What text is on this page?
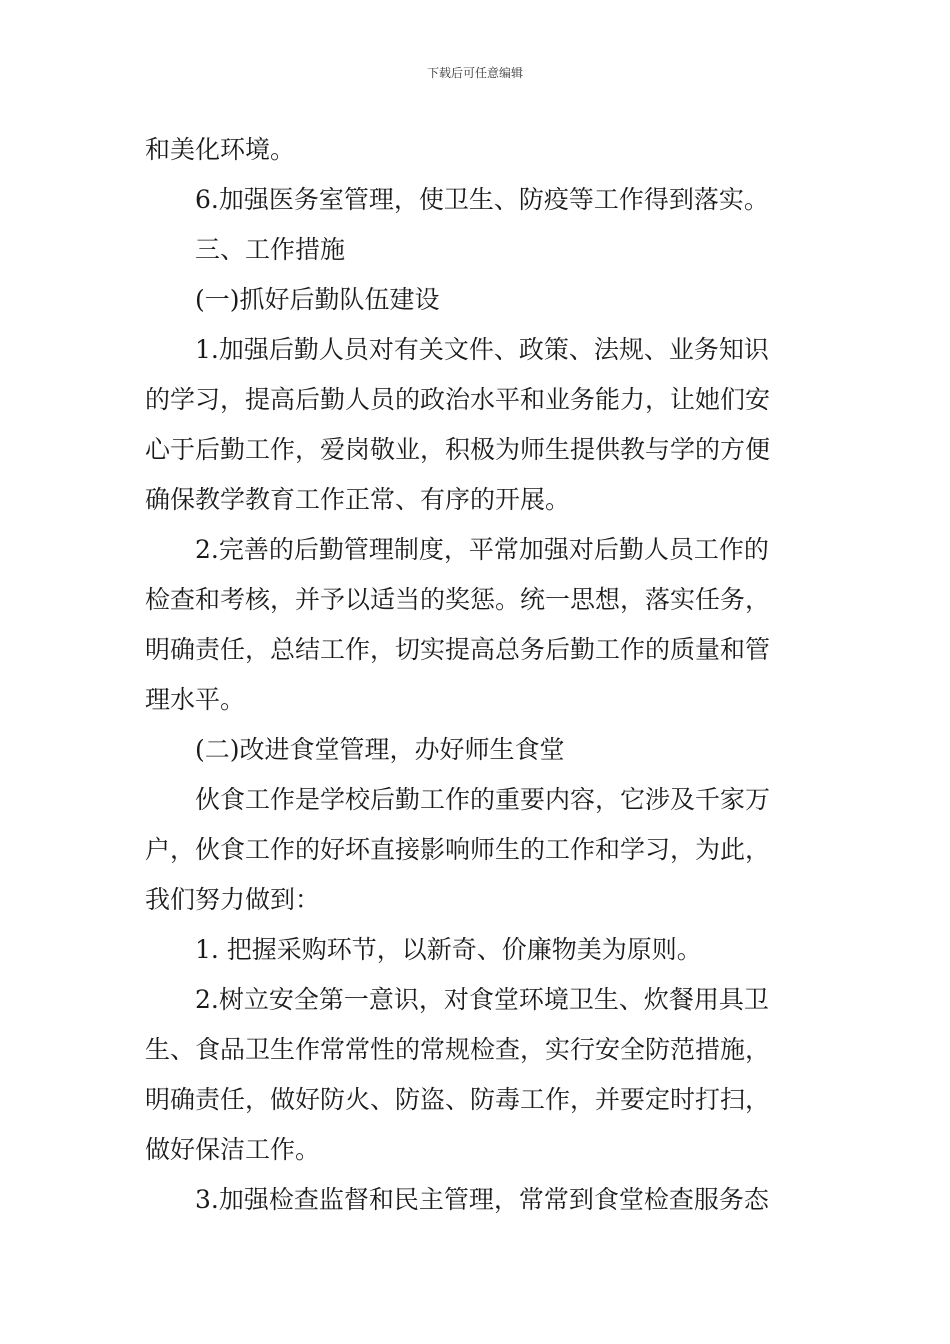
下载后可任意编辑
和美化环境。
6.加强医务室管理，使卫生、防疫等工作得到落实。
三、工作措施
(一)抓好后勤队伍建设
1.加强后勤人员对有关文件、政策、法规、业务知识
的学习，提高后勤人员的政治水平和业务能力，让她们安
心于后勤工作，爱岗敬业，积极为师生提供教与学的方便
确保教学教育工作正常、有序的开展。
2.完善的后勤管理制度，平常加强对后勤人员工作的
检查和考核，并予以适当的奖惩。统一思想，落实任务，
明确责任，总结工作，切实提高总务后勤工作的质量和管
理水平。
(二)改进食堂管理，办好师生食堂
伙食工作是学校后勤工作的重要内容，它涉及千家万
户，伙食工作的好坏直接影响师生的工作和学习，为此，
我们努力做到：
1. 把握采购环节，以新奇、价廉物美为原则。
2.树立安全第一意识，对食堂环境卫生、炊餐用具卫
生、食品卫生作常常性的常规检查，实行安全防范措施，
明确责任，做好防火、防盗、防毒工作，并要定时打扫，
做好保洁工作。
3.加强检查监督和民主管理，常常到食堂检查服务态
